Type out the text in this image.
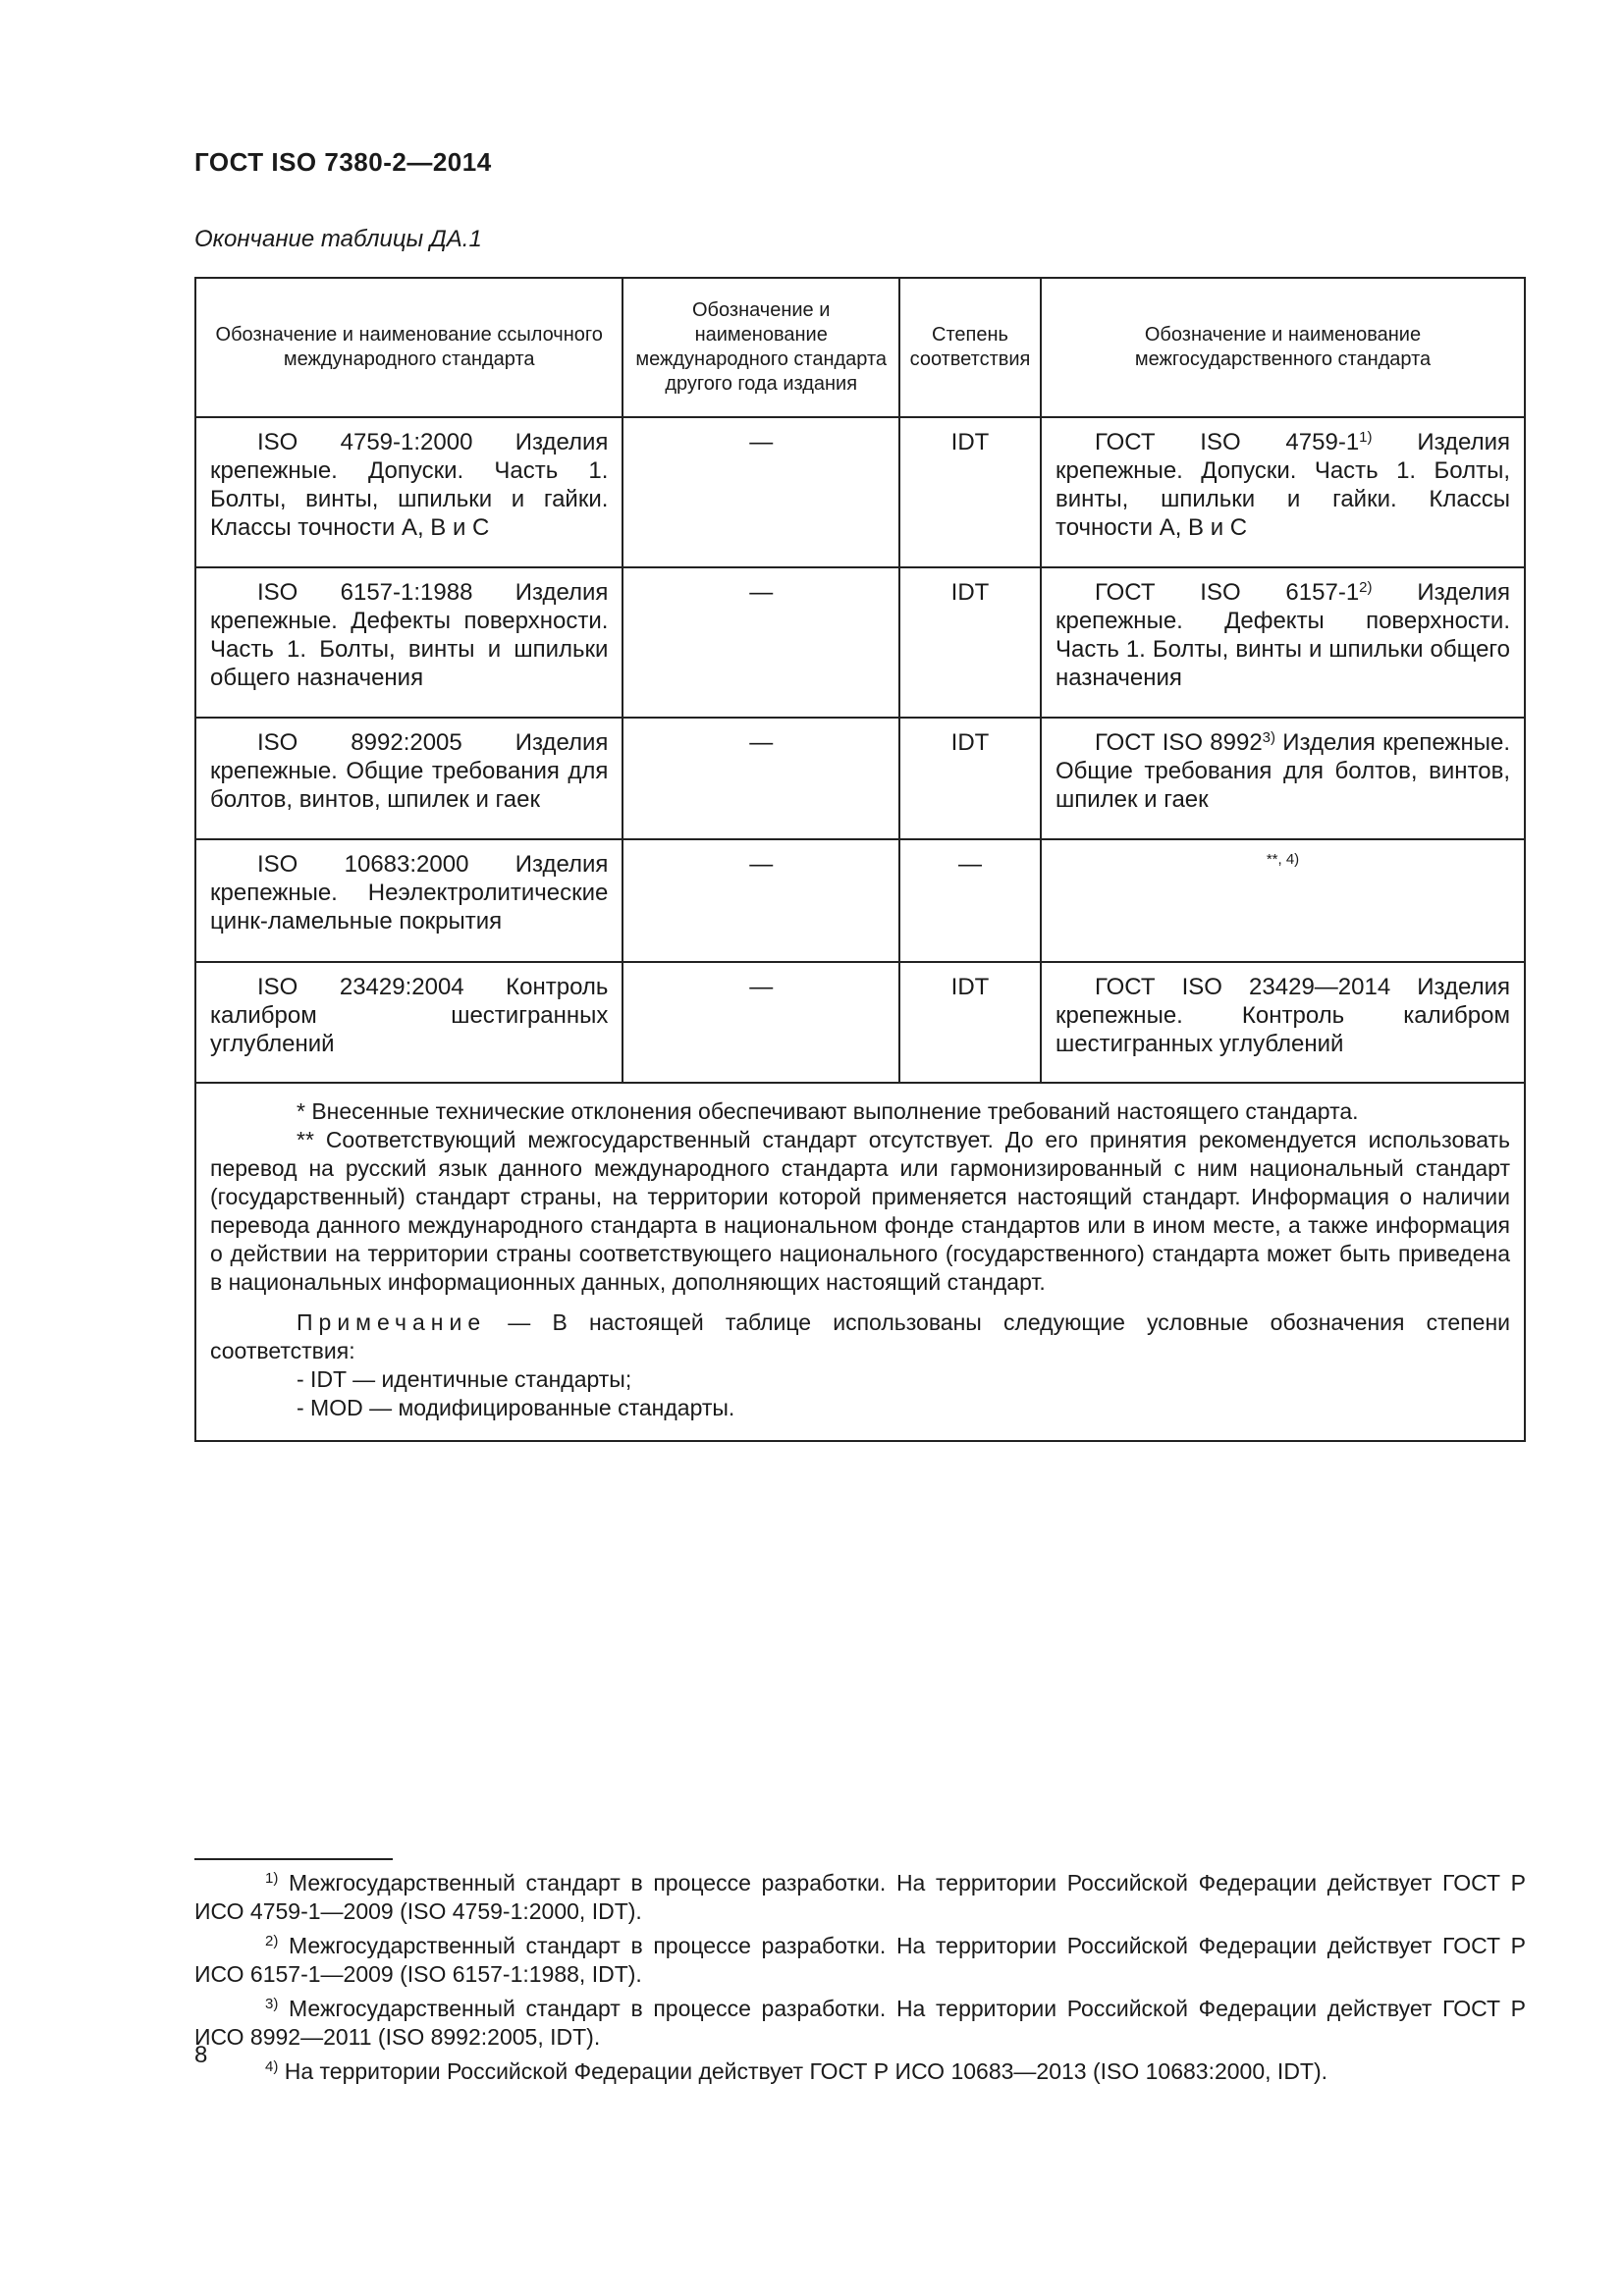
ГОСТ ISO 7380-2—2014
Окончание таблицы ДА.1
Обозначение и наименование ссылочного международного стандарта	Обозначение и наименование международного стандарта другого года издания	Степень соответствия	Обозначение и наименование межгосударственного стандарта
ISO 4759-1:2000 Изделия крепежные. Допуски. Часть 1. Болты, винты, шпильки и гайки. Классы точности A, B и C	—	IDT	ГОСТ ISO 4759-1$^{1)}$ Изделия крепежные. Допуски. Часть 1. Болты, винты, шпильки и гайки. Классы точности A, B и C
ISO 6157-1:1988 Изделия крепежные. Дефекты поверхности. Часть 1. Болты, винты и шпильки общего назначения	—	IDT	ГОСТ ISO 6157-1$^{2)}$ Изделия крепежные. Дефекты поверхности. Часть 1. Болты, винты и шпильки общего назначения
ISO 8992:2005 Изделия крепежные. Общие требования для болтов, винтов, шпилек и гаек	—	IDT	ГОСТ ISO 8992$^{3)}$ Изделия крепежные. Общие требования для болтов, винтов, шпилек и гаек
ISO 10683:2000 Изделия крепежные. Неэлектролитические цинк-ламельные покрытия	—	—	$^{**, 4)}$
ISO 23429:2004 Контроль калибром шестигранных углублений	—	IDT	ГОСТ ISO 23429—2014 Изделия крепежные. Контроль калибром шестигранных углублений

* Внесенные технические отклонения обеспечивают выполнение требований настоящего стандарта.

** Соответствующий межгосударственный стандарт отсутствует. До его принятия рекомендуется использовать перевод на русский язык данного международного стандарта или гармонизированный с ним национальный стандарт (государственный) стандарт страны, на территории которой применяется настоящий стандарт. Информация о наличии перевода данного международного стандарта в национальном фонде стандартов или в ином месте, а также информация о действии на территории страны соответствующего национального (государственного) стандарта может быть приведена в национальных информационных данных, дополняющих настоящий стандарт.

Примечание — В настоящей таблице использованы следующие условные обозначения степени соответствия:

- IDT — идентичные стандарты;

- MOD — модифицированные стандарты.			

$^{1)}$ Межгосударственный стандарт в процессе разработки. На территории Российской Федерации действует ГОСТ Р ИСО 4759-1—2009 (ISO 4759-1:2000, IDT).

$^{2)}$ Межгосударственный стандарт в процессе разработки. На территории Российской Федерации действует ГОСТ Р ИСО 6157-1—2009 (ISO 6157-1:1988, IDT).

$^{3)}$ Межгосударственный стандарт в процессе разработки. На территории Российской Федерации действует ГОСТ Р ИСО 8992—2011 (ISO 8992:2005, IDT).

$^{4)}$ На территории Российской Федерации действует ГОСТ Р ИСО 10683—2013 (ISO 10683:2000, IDT).

8
